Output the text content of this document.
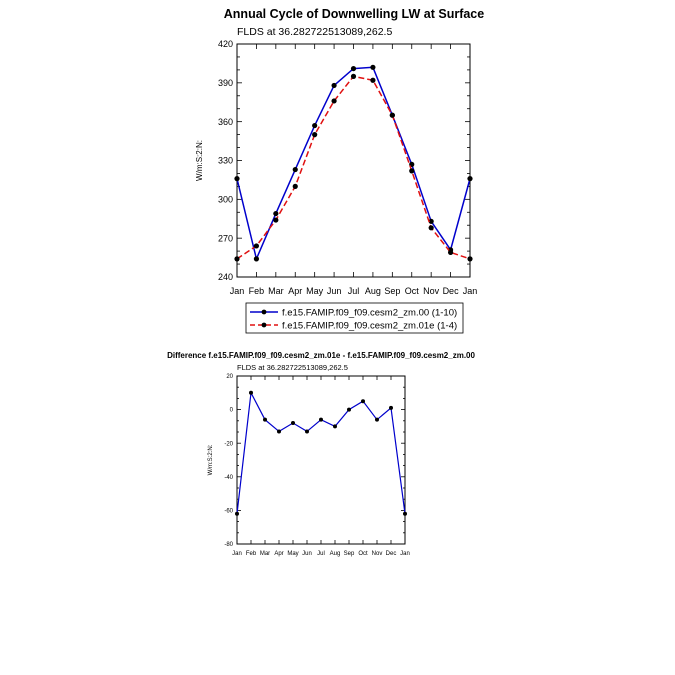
Annual Cycle of Downwelling LW at Surface
FLDS at 36.282722513089,262.5
W/m:S:2:N:
240
270
300
330
360
390
420
Jan Feb Mar Apr May Jun Jul Aug Sep Oct Nov Dec Jan
f.e15.FAMIP.f09_f09.cesm2_zm.00 (1-10)
f.e15.FAMIP.f09_f09.cesm2_zm.01e (1-4)
Difference f.e15.FAMIP.f09_f09.cesm2_zm.01e - f.e15.FAMIP.f09_f09.cesm2_zm.00
FLDS at 36.282722513089,262.5
W/m:S:2:N:
-80
-60
-40
-20
0
20
Jan Feb Mar Apr May Jun Jul Aug Sep Oct Nov Dec Jan
